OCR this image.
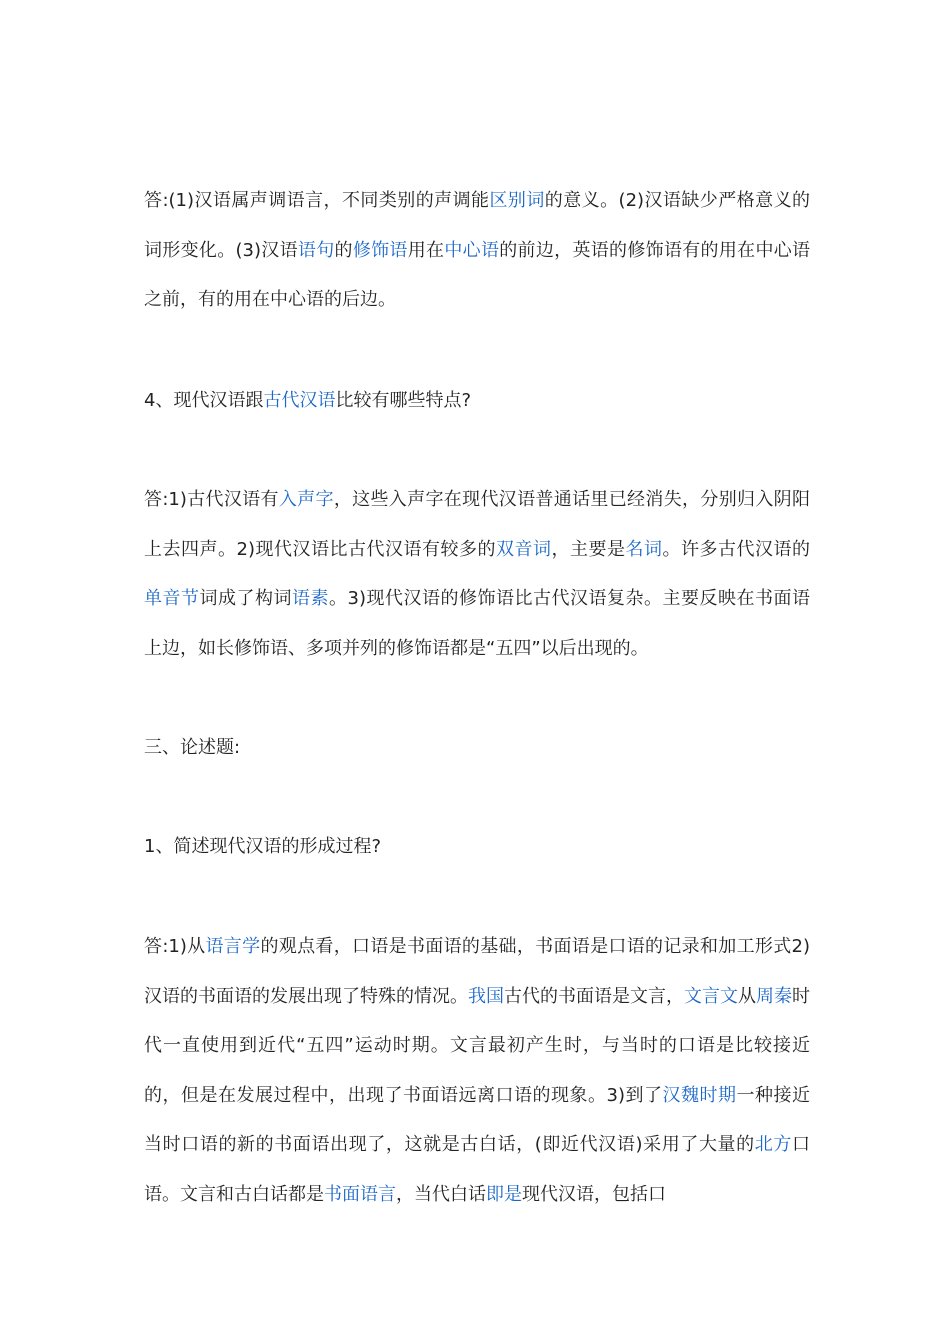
答:(1)汉语属声调语言，不同类别的声调能区别词的意义。(2)汉语缺少严格意义的词形变化。(3)汉语语句的修饰语用在中心语的前边，英语的修饰语有的用在中心语之前，有的用在中心语的后边。

4、现代汉语跟古代汉语比较有哪些特点?

答:1)古代汉语有入声字，这些入声字在现代汉语普通话里已经消失，分别归入阴阳上去四声。2)现代汉语比古代汉语有较多的双音词，主要是名词。许多古代汉语的单音节词成了构词语素。3)现代汉语的修饰语比古代汉语复杂。主要反映在书面语上边，如长修饰语、多项并列的修饰语都是“五四”以后出现的。

三、论述题:

1、简述现代汉语的形成过程?

答:1)从语言学的观点看，口语是书面语的基础，书面语是口语的记录和加工形式2)汉语的书面语的发展出现了特殊的情况。我国古代的书面语是文言，文言文从周秦时代一直使用到近代“五四”运动时期。文言最初产生时，与当时的口语是比较接近的，但是在发展过程中，出现了书面语远离口语的现象。3)到了汉魏时期一种接近当时口语的新的书面语出现了，这就是古白话，(即近代汉语)采用了大量的北方口语。文言和古白话都是书面语言，当代白话即是现代汉语，包括口
